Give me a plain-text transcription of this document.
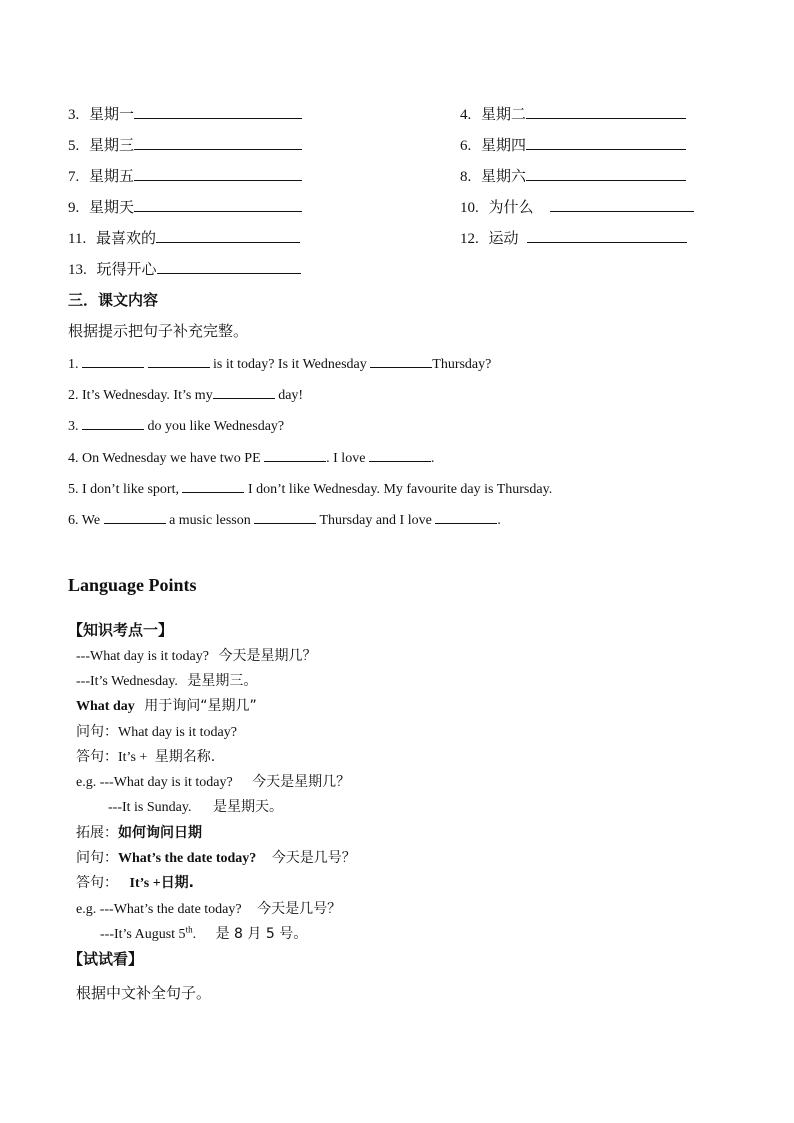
3. 星期一	4. 星期二
5. 星期三	6. 星期四
7. 星期五	8. 星期六
9. 星期天	10. 为什么
11. 最喜欢的	12. 运动
13. 玩得开心
三．课文内容
根据提示把句子补充完整。
1.	is it today? Is it Wednesday	Thursday?
2. It’s Wednesday. It’s my	day!
3.	do you like Wednesday?
4. On Wednesday we have two PE	. I love	.
5. I don’t like sport,	I don’t like Wednesday. My favourite day is Thursday.
6. We	a music lesson	Thursday and I love	.
Language Points
【知识考点一】
---What day is it today? 今天是星期几？
---It’s Wednesday. 是星期三。
What day 用于询问“星期几”
问句：What day is it today?
答句：It’s + 星期名称.
e.g. ---What day is it today? 今天是星期几？
---It is Sunday. 是星期天。
拓展：如何询问日期
问句：What’s the date today? 今天是几号？
答句： It’s +日期.
e.g. ---What’s the date today? 今天是几号？
---It’s August 5th. 是 8 月 5 号。
【试试看】
根据中文补全句子。
